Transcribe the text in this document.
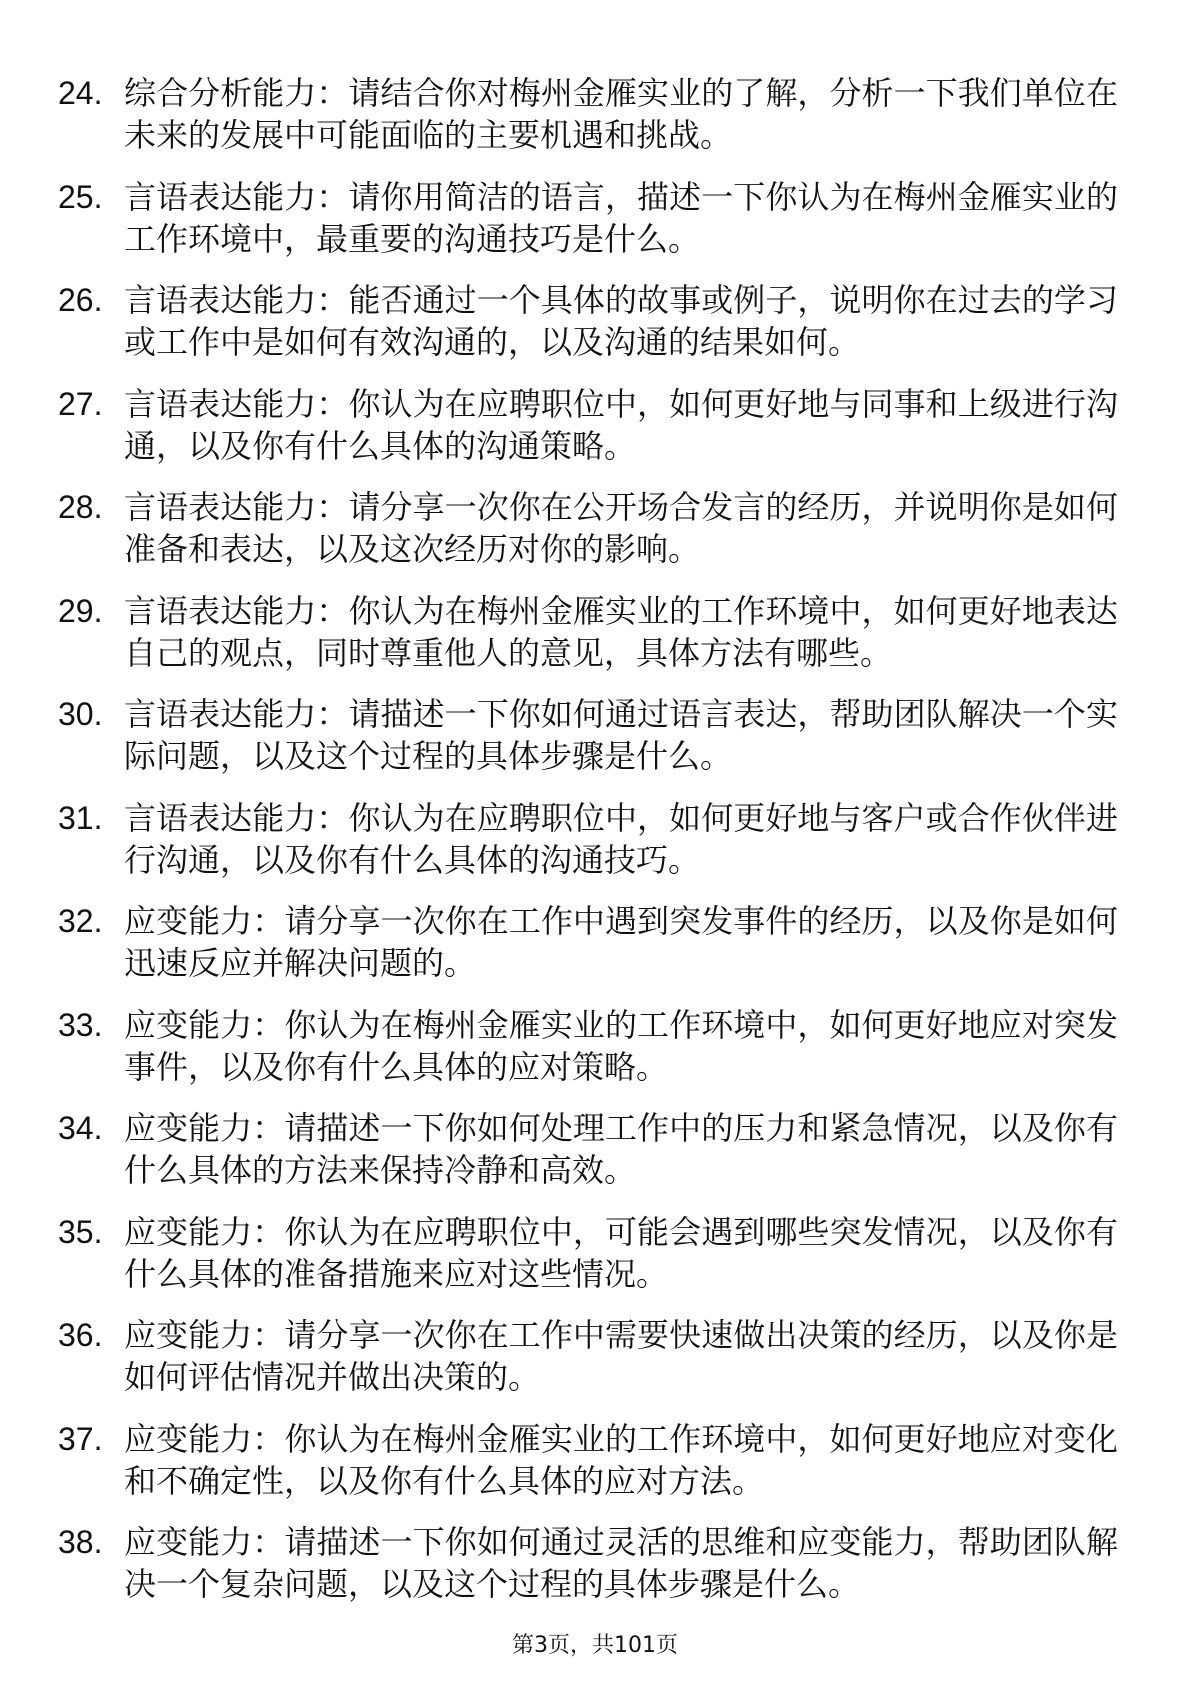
24. 综合分析能力：请结合你对梅州金雁实业的了解，分析一下我们单位在未来的发展中可能面临的主要机遇和挑战。
25. 言语表达能力：请你用简洁的语言，描述一下你认为在梅州金雁实业的工作环境中，最重要的沟通技巧是什么。
26. 言语表达能力：能否通过一个具体的故事或例子，说明你在过去的学习或工作中是如何有效沟通的，以及沟通的结果如何。
27. 言语表达能力：你认为在应聘职位中，如何更好地与同事和上级进行沟通，以及你有什么具体的沟通策略。
28. 言语表达能力：请分享一次你在公开场合发言的经历，并说明你是如何准备和表达，以及这次经历对你的影响。
29. 言语表达能力：你认为在梅州金雁实业的工作环境中，如何更好地表达自己的观点，同时尊重他人的意见，具体方法有哪些。
30. 言语表达能力：请描述一下你如何通过语言表达，帮助团队解决一个实际问题，以及这个过程的具体步骤是什么。
31. 言语表达能力：你认为在应聘职位中，如何更好地与客户或合作伙伴进行沟通，以及你有什么具体的沟通技巧。
32. 应变能力：请分享一次你在工作中遇到突发事件的经历，以及你是如何迅速反应并解决问题的。
33. 应变能力：你认为在梅州金雁实业的工作环境中，如何更好地应对突发事件，以及你有什么具体的应对策略。
34. 应变能力：请描述一下你如何处理工作中的压力和紧急情况，以及你有什么具体的方法来保持冷静和高效。
35. 应变能力：你认为在应聘职位中，可能会遇到哪些突发情况，以及你有什么具体的准备措施来应对这些情况。
36. 应变能力：请分享一次你在工作中需要快速做出决策的经历，以及你是如何评估情况并做出决策的。
37. 应变能力：你认为在梅州金雁实业的工作环境中，如何更好地应对变化和不确定性，以及你有什么具体的应对方法。
38. 应变能力：请描述一下你如何通过灵活的思维和应变能力，帮助团队解决一个复杂问题，以及这个过程的具体步骤是什么。
第3页，共101页
